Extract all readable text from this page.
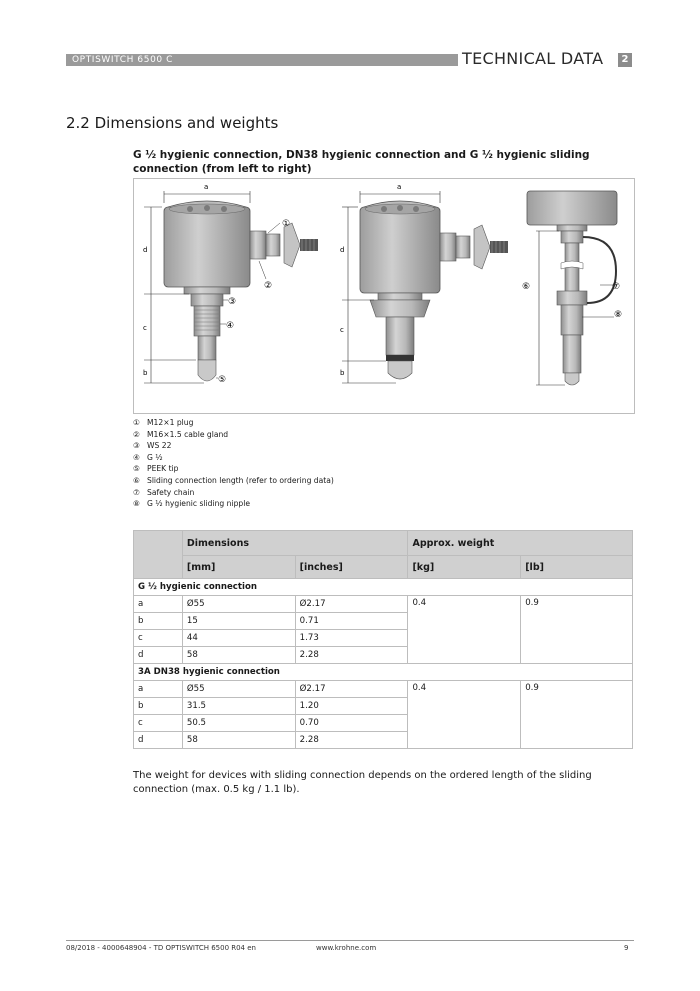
OPTISWITCH 6500 C	TECHNICAL DATA	2
2.2 Dimensions and weights
G ½ hygienic connection, DN38 hygienic connection and G ½ hygienic sliding connection (from left to right)
a
d
c
b
①
②
③
④
⑤
a
d
c
b
⑥	⑦
⑧
① M12×1 plug
② M16×1.5 cable gland
③ WS 22
④ G ½
⑤ PEEK tip
⑥ Sliding connection length (refer to ordering data)
⑦ Safety chain
⑧ G ½ hygienic sliding nipple
	Dimensions		Approx. weight	
	[mm]	[inches]	[kg]	[lb]
G ½ hygienic connection				
a	Ø55	Ø2.17	0.4	0.9
b	15	0.71		
c	44	1.73		
d	58	2.28		
3A DN38 hygienic connection				
a	Ø55	Ø2.17	0.4	0.9
b	31.5	1.20		
c	50.5	0.70		
d	58	2.28		
The weight for devices with sliding connection depends on the ordered length of the sliding connection (max. 0.5 kg / 1.1 lb).
08/2018 - 4000648904 - TD OPTISWITCH 6500 R04 en	www.krohne.com	9
